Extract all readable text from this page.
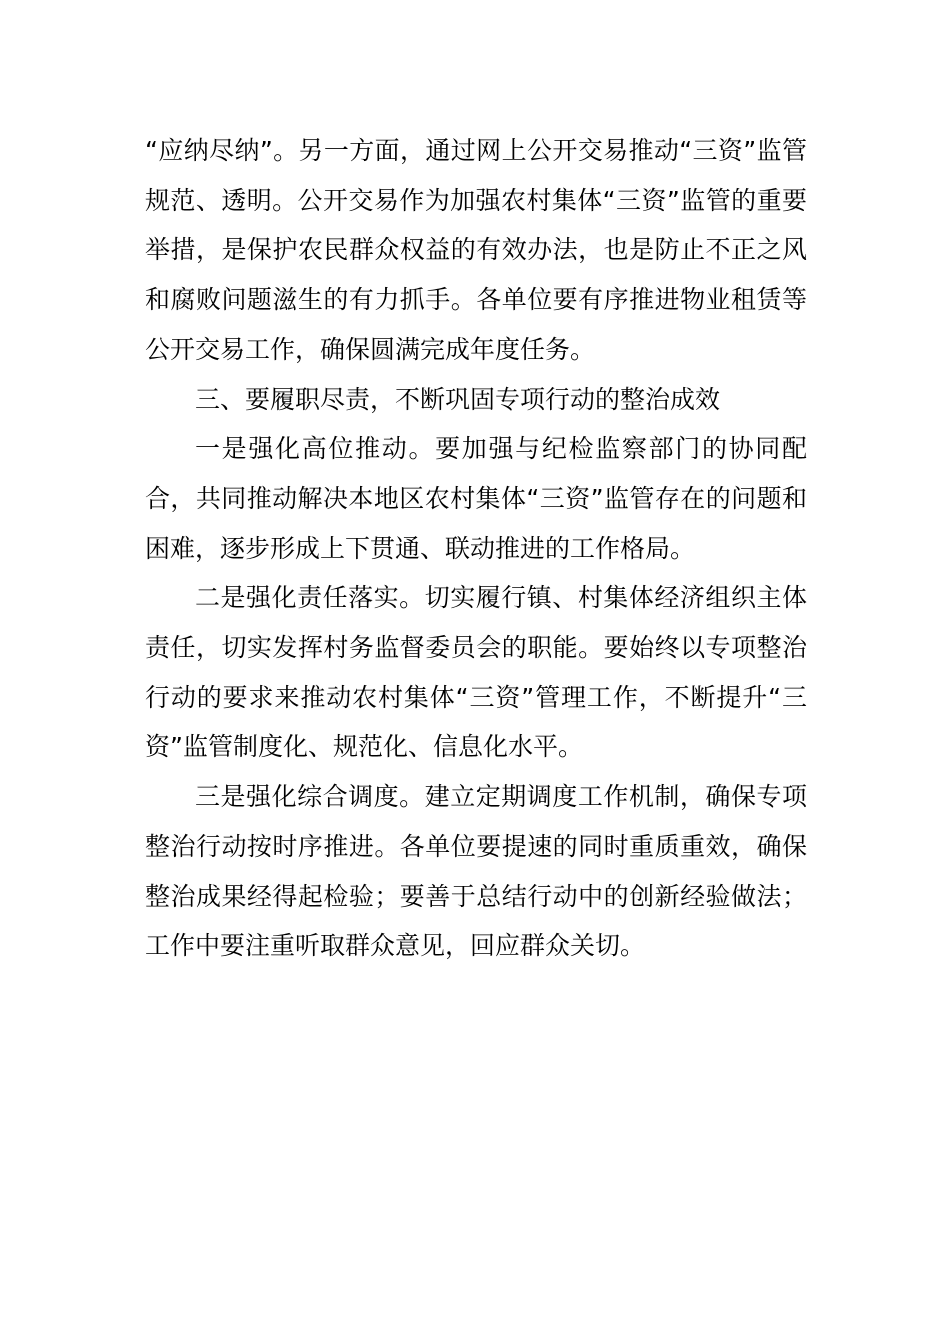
“应纳尽纳”。另一方面，通过网上公开交易推动“三资”监管规范、透明。公开交易作为加强农村集体“三资”监管的重要举措，是保护农民群众权益的有效办法，也是防止不正之风和腐败问题滋生的有力抓手。各单位要有序推进物业租赁等公开交易工作，确保圆满完成年度任务。

三、要履职尽责，不断巩固专项行动的整治成效

一是强化高位推动。要加强与纪检监察部门的协同配合，共同推动解决本地区农村集体“三资”监管存在的问题和困难，逐步形成上下贯通、联动推进的工作格局。

二是强化责任落实。切实履行镇、村集体经济组织主体责任，切实发挥村务监督委员会的职能。要始终以专项整治行动的要求来推动农村集体“三资”管理工作，不断提升“三资”监管制度化、规范化、信息化水平。

三是强化综合调度。建立定期调度工作机制，确保专项整治行动按时序推进。各单位要提速的同时重质重效，确保整治成果经得起检验；要善于总结行动中的创新经验做法；工作中要注重听取群众意见，回应群众关切。
